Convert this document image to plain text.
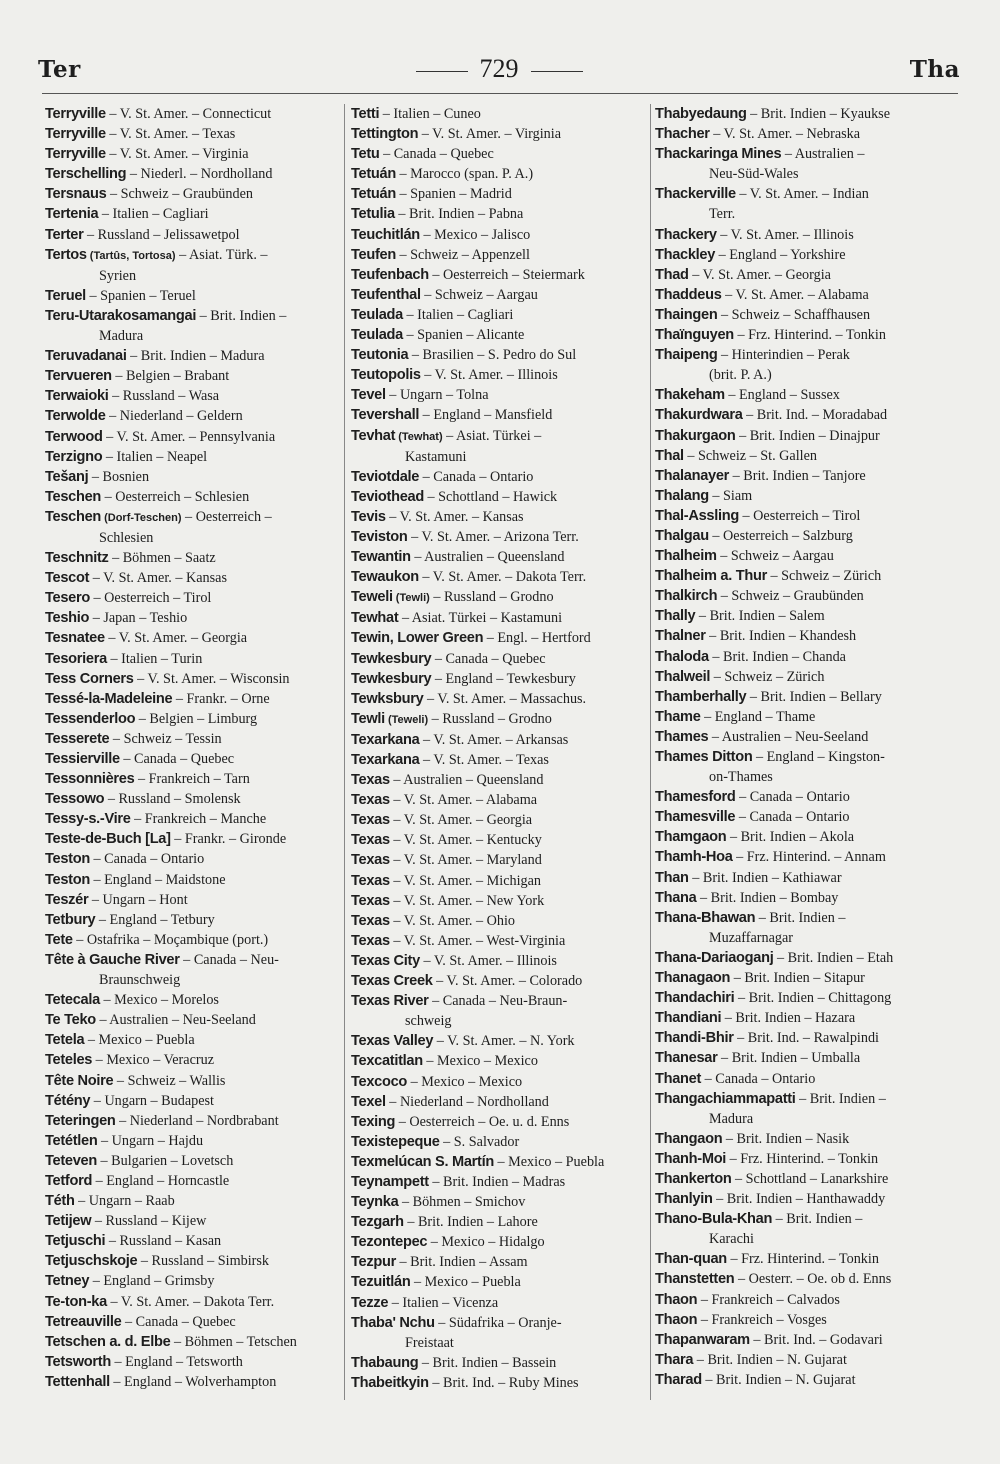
Ter	729	Tha
Terryville – V. St. Amer. – Connecticut
Terryville – V. St. Amer. – Texas
Terryville – V. St. Amer. – Virginia
Terschelling – Niederl. – Nordholland
Tersnaus – Schweiz – Graubünden
Tertenia – Italien – Cagliari
Terter – Russland – Jelissawetpol
Tertos (Tartûs, Tortosa) – Asiat. Türk. –
Syrien
Teruel – Spanien – Teruel
Teru-Utarakosamangai – Brit. Indien –
Madura
Teruvadanai – Brit. Indien – Madura
Tervueren – Belgien – Brabant
Terwaioki – Russland – Wasa
Terwolde – Niederland – Geldern
Terwood – V. St. Amer. – Pennsylvania
Terzigno – Italien – Neapel
Tešanj – Bosnien
Teschen – Oesterreich – Schlesien
Teschen (Dorf-Teschen) – Oesterreich –
Schlesien
Teschnitz – Böhmen – Saatz
Tescot – V. St. Amer. – Kansas
Tesero – Oesterreich – Tirol
Teshio – Japan – Teshio
Tesnatee – V. St. Amer. – Georgia
Tesoriera – Italien – Turin
Tess Corners – V. St. Amer. – Wisconsin
Tessé-la-Madeleine – Frankr. – Orne
Tessenderloo – Belgien – Limburg
Tesserete – Schweiz – Tessin
Tessierville – Canada – Quebec
Tessonnières – Frankreich – Tarn
Tessowo – Russland – Smolensk
Tessy-s.-Vire – Frankreich – Manche
Teste-de-Buch [La] – Frankr. – Gironde
Teston – Canada – Ontario
Teston – England – Maidstone
Teszér – Ungarn – Hont
Tetbury – England – Tetbury
Tete – Ostafrika – Moçambique (port.)
Tête à Gauche River – Canada – Neu-
Braunschweig
Tetecala – Mexico – Morelos
Te Teko – Australien – Neu-Seeland
Tetela – Mexico – Puebla
Teteles – Mexico – Veracruz
Tête Noire – Schweiz – Wallis
Tétény – Ungarn – Budapest
Teteringen – Niederland – Nordbrabant
Tetétlen – Ungarn – Hajdu
Teteven – Bulgarien – Lovetsch
Tetford – England – Horncastle
Téth – Ungarn – Raab
Tetijew – Russland – Kijew
Tetjuschi – Russland – Kasan
Tetjuschskoje – Russland – Simbirsk
Tetney – England – Grimsby
Te-ton-ka – V. St. Amer. – Dakota Terr.
Tetreauville – Canada – Quebec
Tetschen a. d. Elbe – Böhmen – Tetschen
Tetsworth – England – Tetsworth
Tettenhall – England – Wolverhampton
Tetti – Italien – Cuneo
Tettington – V. St. Amer. – Virginia
Tetu – Canada – Quebec
Tetuán – Marocco (span. P. A.)
Tetuán – Spanien – Madrid
Tetulia – Brit. Indien – Pabna
Teuchitlán – Mexico – Jalisco
Teufen – Schweiz – Appenzell
Teufenbach – Oesterreich – Steiermark
Teufenthal – Schweiz – Aargau
Teulada – Italien – Cagliari
Teulada – Spanien – Alicante
Teutonia – Brasilien – S. Pedro do Sul
Teutopolis – V. St. Amer. – Illinois
Tevel – Ungarn – Tolna
Tevershall – England – Mansfield
Tevhat (Tewhat) – Asiat. Türkei –
Kastamuni
Teviotdale – Canada – Ontario
Teviothead – Schottland – Hawick
Tevis – V. St. Amer. – Kansas
Teviston – V. St. Amer. – Arizona Terr.
Tewantin – Australien – Queensland
Tewaukon – V. St. Amer. – Dakota Terr.
Teweli (Tewli) – Russland – Grodno
Tewhat – Asiat. Türkei – Kastamuni
Tewin, Lower Green – Engl. – Hertford
Tewkesbury – Canada – Quebec
Tewkesbury – England – Tewkesbury
Tewksbury – V. St. Amer. – Massachus.
Tewli (Teweli) – Russland – Grodno
Texarkana – V. St. Amer. – Arkansas
Texarkana – V. St. Amer. – Texas
Texas – Australien – Queensland
Texas – V. St. Amer. – Alabama
Texas – V. St. Amer. – Georgia
Texas – V. St. Amer. – Kentucky
Texas – V. St. Amer. – Maryland
Texas – V. St. Amer. – Michigan
Texas – V. St. Amer. – New York
Texas – V. St. Amer. – Ohio
Texas – V. St. Amer. – West-Virginia
Texas City – V. St. Amer. – Illinois
Texas Creek – V. St. Amer. – Colorado
Texas River – Canada – Neu-Braun-
schweig
Texas Valley – V. St. Amer. – N. York
Texcatitlan – Mexico – Mexico
Texcoco – Mexico – Mexico
Texel – Niederland – Nordholland
Texing – Oesterreich – Oe. u. d. Enns
Texistepeque – S. Salvador
Texmelúcan S. Martín – Mexico – Puebla
Teynampett – Brit. Indien – Madras
Teynka – Böhmen – Smichov
Tezgarh – Brit. Indien – Lahore
Tezontepec – Mexico – Hidalgo
Tezpur – Brit. Indien – Assam
Tezuitlán – Mexico – Puebla
Tezze – Italien – Vicenza
Thaba' Nchu – Südafrika – Oranje-
Freistaat
Thabaung – Brit. Indien – Bassein
Thabeitkyin – Brit. Ind. – Ruby Mines
Thabyedaung – Brit. Indien – Kyaukse
Thacher – V. St. Amer. – Nebraska
Thackaringa Mines – Australien –
Neu-Süd-Wales
Thackerville – V. St. Amer. – Indian
Terr.
Thackery – V. St. Amer. – Illinois
Thackley – England – Yorkshire
Thad – V. St. Amer. – Georgia
Thaddeus – V. St. Amer. – Alabama
Thaingen – Schweiz – Schaffhausen
Thaïnguyen – Frz. Hinterind. – Tonkin
Thaipeng – Hinterindien – Perak
(brit. P. A.)
Thakeham – England – Sussex
Thakurdwara – Brit. Ind. – Moradabad
Thakurgaon – Brit. Indien – Dinajpur
Thal – Schweiz – St. Gallen
Thalanayer – Brit. Indien – Tanjore
Thalang – Siam
Thal-Assling – Oesterreich – Tirol
Thalgau – Oesterreich – Salzburg
Thalheim – Schweiz – Aargau
Thalheim a. Thur – Schweiz – Zürich
Thalkirch – Schweiz – Graubünden
Thally – Brit. Indien – Salem
Thalner – Brit. Indien – Khandesh
Thaloda – Brit. Indien – Chanda
Thalweil – Schweiz – Zürich
Thamberhally – Brit. Indien – Bellary
Thame – England – Thame
Thames – Australien – Neu-Seeland
Thames Ditton – England – Kingston-
on-Thames
Thamesford – Canada – Ontario
Thamesville – Canada – Ontario
Thamgaon – Brit. Indien – Akola
Thamh-Hoa – Frz. Hinterind. – Annam
Than – Brit. Indien – Kathiawar
Thana – Brit. Indien – Bombay
Thana-Bhawan – Brit. Indien –
Muzaffarnagar
Thana-Dariaoganj – Brit. Indien – Etah
Thanagaon – Brit. Indien – Sitapur
Thandachiri – Brit. Indien – Chittagong
Thandiani – Brit. Indien – Hazara
Thandi-Bhir – Brit. Ind. – Rawalpindi
Thanesar – Brit. Indien – Umballa
Thanet – Canada – Ontario
Thangachiammapatti – Brit. Indien –
Madura
Thangaon – Brit. Indien – Nasik
Thanh-Moi – Frz. Hinterind. – Tonkin
Thankerton – Schottland – Lanarkshire
Thanlyin – Brit. Indien – Hanthawaddy
Thano-Bula-Khan – Brit. Indien –
Karachi
Than-quan – Frz. Hinterind. – Tonkin
Thanstetten – Oesterr. – Oe. ob d. Enns
Thaon – Frankreich – Calvados
Thaon – Frankreich – Vosges
Thapanwaram – Brit. Ind. – Godavari
Thara – Brit. Indien – N. Gujarat
Tharad – Brit. Indien – N. Gujarat
